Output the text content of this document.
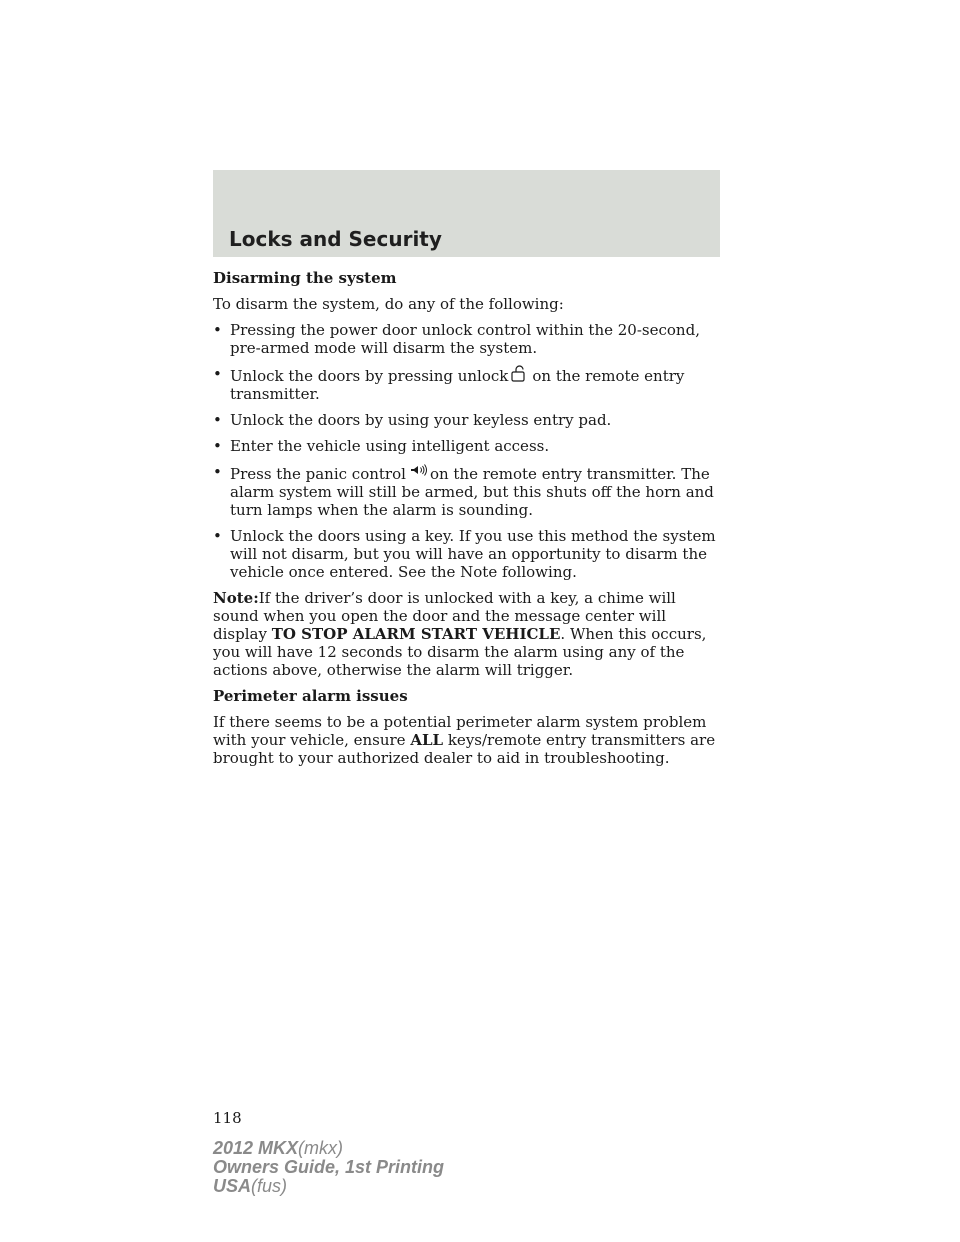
Locks and Security

Disarming the system

To disarm the system, do any of the following:

• Pressing the power door unlock control within the 20-second, pre-armed mode will disarm the system.
• Unlock the doors by pressing unlock on the remote entry transmitter.
• Unlock the doors by using your keyless entry pad.
• Enter the vehicle using intelligent access.
• Press the panic control on the remote entry transmitter. The alarm system will still be armed, but this shuts off the horn and turn lamps when the alarm is sounding.
• Unlock the doors using a key. If you use this method the system will not disarm, but you will have an opportunity to disarm the vehicle once entered. See the Note following.

Note:If the driver’s door is unlocked with a key, a chime will sound when you open the door and the message center will display TO STOP ALARM START VEHICLE. When this occurs, you will have 12 seconds to disarm the alarm using any of the actions above, otherwise the alarm will trigger.

Perimeter alarm issues

If there seems to be a potential perimeter alarm system problem with your vehicle, ensure ALL keys/remote entry transmitters are brought to your authorized dealer to aid in troubleshooting.

118
2012 MKX(mkx)
Owners Guide, 1st Printing
USA(fus)
